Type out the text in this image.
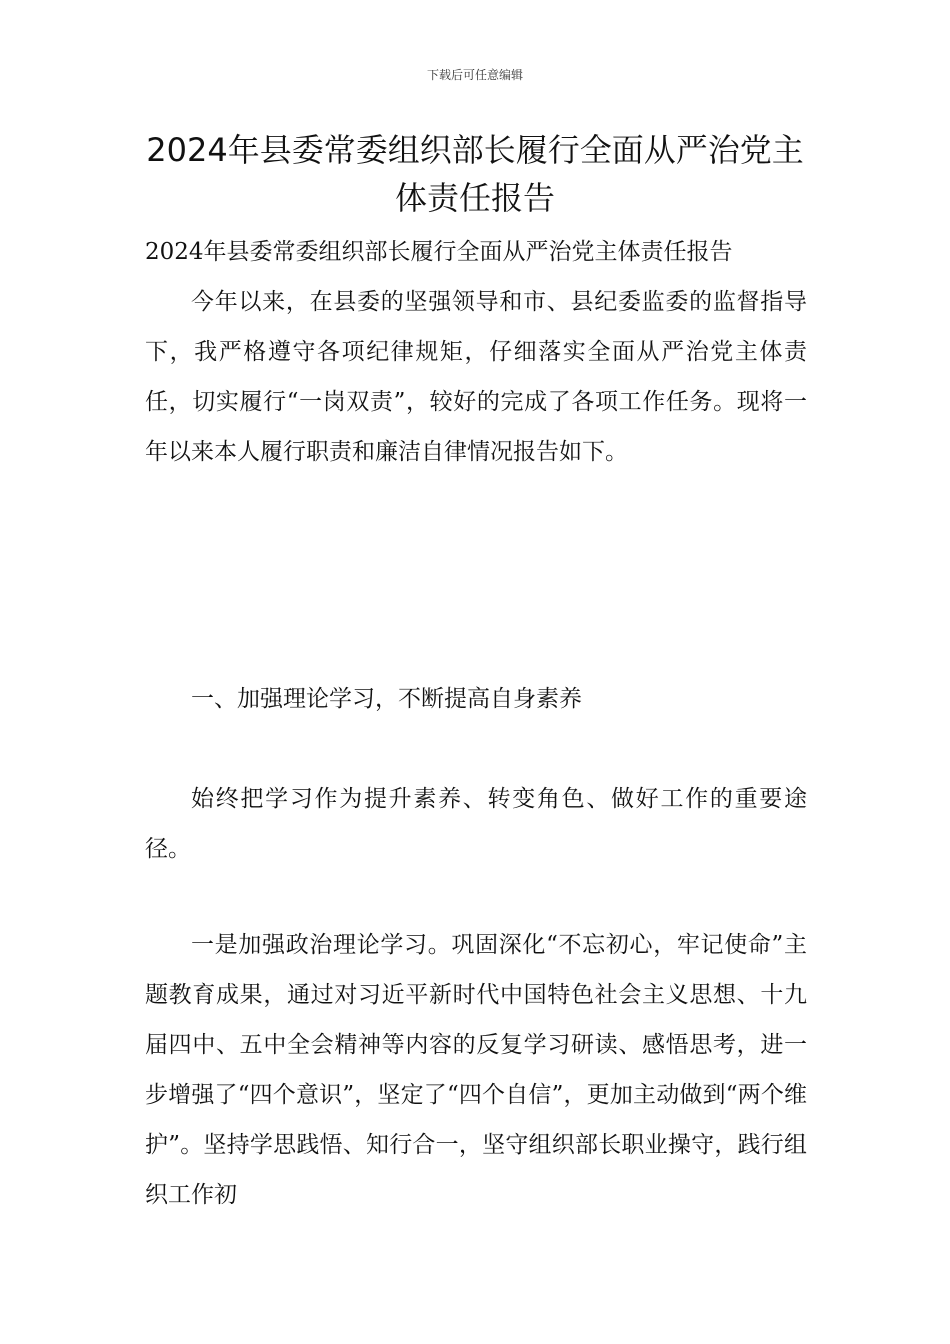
下载后可任意编辑
2024年县委常委组织部长履行全面从严治党主体责任报告

2024年县委常委组织部长履行全面从严治党主体责任报告

今年以来，在县委的坚强领导和市、县纪委监委的监督指导下，我严格遵守各项纪律规矩，仔细落实全面从严治党主体责任，切实履行“一岗双责”，较好的完成了各项工作任务。现将一年以来本人履行职责和廉洁自律情况报告如下。

一、加强理论学习，不断提高自身素养

始终把学习作为提升素养、转变角色、做好工作的重要途径。

一是加强政治理论学习。巩固深化“不忘初心，牢记使命”主题教育成果，通过对习近平新时代中国特色社会主义思想、十九届四中、五中全会精神等内容的反复学习研读、感悟思考，进一步增强了“四个意识”，坚定了“四个自信”，更加主动做到“两个维护”。坚持学思践悟、知行合一，坚守组织部长职业操守，践行组织工作初
